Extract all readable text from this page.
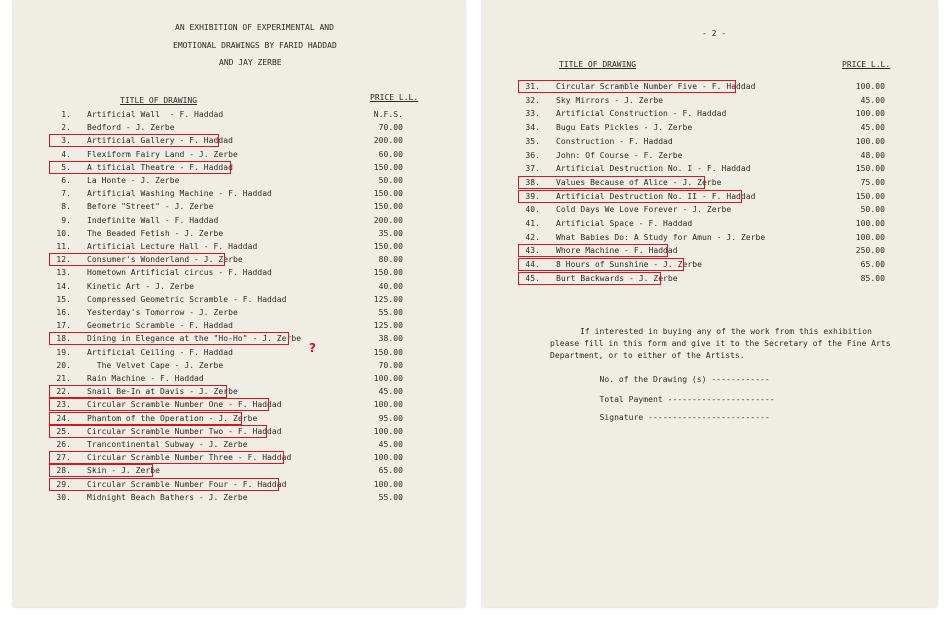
AN EXHIBITION OF EXPERIMENTAL AND
EMOTIONAL DRAWINGS BY FARID HADDAD
AND JAY ZERBE
TITLE OF DRAWING	PRICE L.L.
1. Artificial Wall  - F. Haddad	N.F.S.
2. Bedford - J. Zerbe	70.00
3. Artificial Gallery - F. Haddad	200.00
4. Flexiform Fairy Land - J. Zerbe	60.00
5. A tificial Theatre - F. Haddad	150.00
6. La Honte - J. Zerbe	50.00
7. Artificial Washing Machine - F. Haddad	150.00
8. Before "Street" - J. Zerbe	150.00
9. Indefinite Wall - F. Haddad	200.00
10. The Beaded Fetish - J. Zerbe	35.00
11. Artificial Lecture Hall - F. Haddad	150.00
12. Consumer's Wonderland - J. Zerbe	80.00
13. Hometown Artificial circus - F. Haddad	150.00
14. Kinetic Art - J. Zerbe	40.00
15. Compressed Geometric Scramble - F. Haddad	125.00
16. Yesterday's Tomorrow - J. Zerbe	55.00
17. Geometric Scramble - F. Haddad	125.00
18. Dining in Elegance at the "Ho-Ho" - J. Zerbe	38.00
19. Artificial Ceiling - F. Haddad	150.00
20. The Velvet Cape - J. Zerbe	70.00
21. Rain Machine - F. Haddad	100.00
22. Snail Be-In at Davis - J. Zerbe	45.00
23. Circular Scramble Number One - F. Haddad	100.00
24. Phantom of the Operation - J. Zerbe	95.00
25. Circular Scramble Number Two - F. Haddad	100.00
26. Trancontinental Subway - J. Zerbe	45.00
27. Circular Scramble Number Three - F. Haddad	100.00
28. Skin - J. Zerbe	65.00
29. Circular Scramble Number Four - F. Haddad	100.00
30. Midnight Beach Bathers - J. Zerbe	55.00
?
- 2 -
TITLE OF DRAWING	PRICE L.L.
31. Circular Scramble Number Five - F. Haddad	100.00
32. Sky Mirrors - J. Zerbe	45.00
33. Artificial Construction - F. Haddad	100.00
34. Bugu Eats Pickles - J. Zerbe	45.00
35. Construction - F. Haddad	100.00
36. John: Of Course - F. Zerbe	48.00
37. Artificial Destruction No. I - F. Haddad	150.00
38. Values Because of Alice - J. Zerbe	75.00
39. Artificial Destruction No. II - F. Haddad	150.00
40. Cold Days We Love Forever - J. Zerbe	50.00
41. Artificial Space - F. Haddad	100.00
42. What Babies Do: A Study for Amun - J. Zerbe	100.00
43. Whore Machine - F. Haddad	250.00
44. 8 Hours of Sunshine - J. Zerbe	65.00
45. Burt Backwards - J. Zerbe	85.00
If interested in buying any of the work from this exhibition
please fill in this form and give it to the Secretary of the Fine Arts
Department, or to either of the Artists.

No. of the Drawing (s) ------------

Total Payment ----------------------

Signature -------------------------
